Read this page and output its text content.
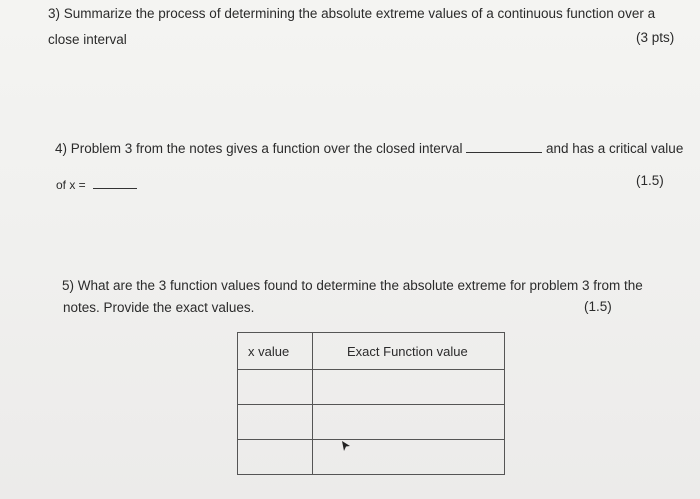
3) Summarize the process of determining the absolute extreme values of a continuous function over a
close interval	(3 pts)
4) Problem 3 from the notes gives a function over the closed interval	and has a critical value
of x =	(1.5)
5) What are the 3 function values found to determine the absolute extreme for problem 3 from the
notes. Provide the exact values.	(1.5)
x value	Exact Function value
